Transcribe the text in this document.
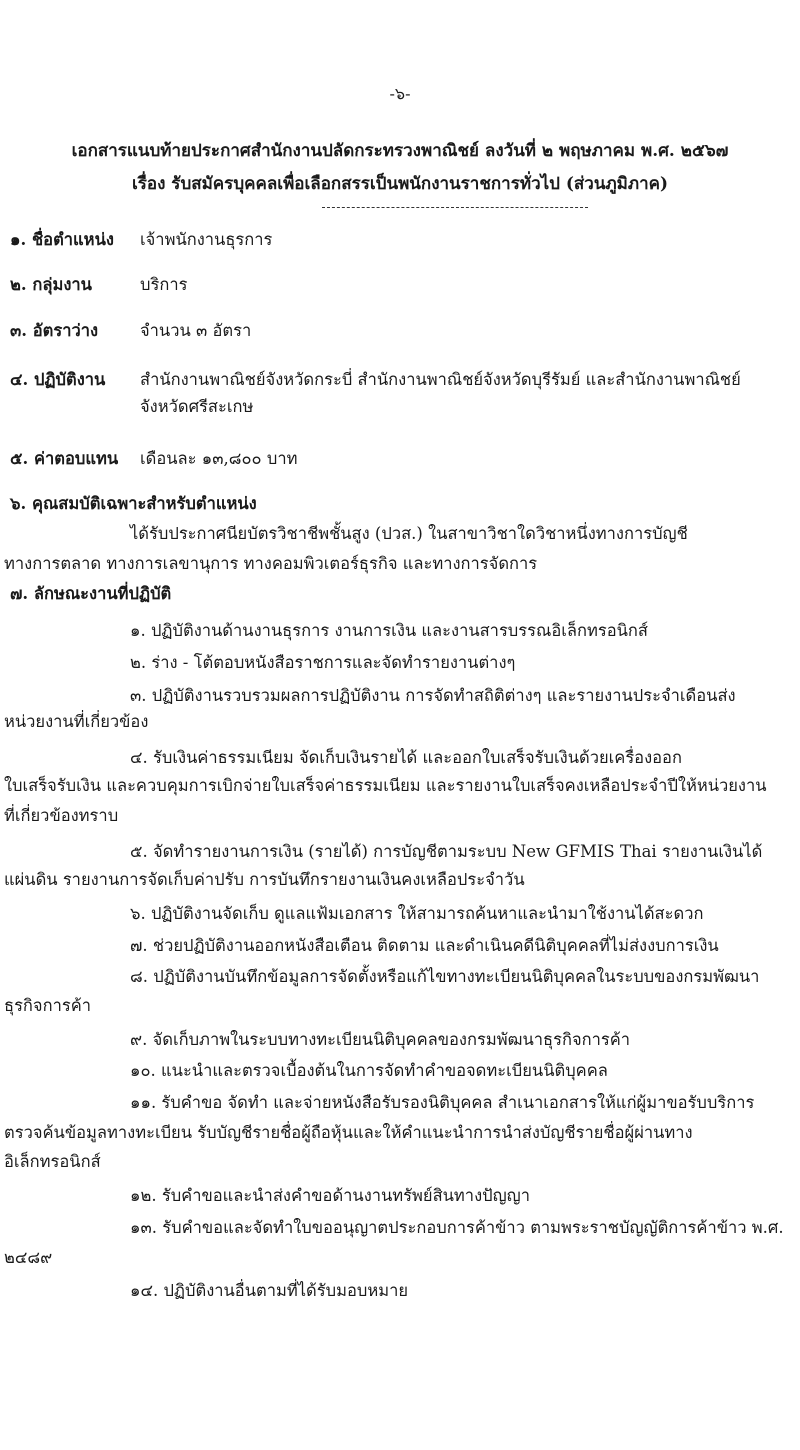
-๖-
เอกสารแนบท้ายประกาศสำนักงานปลัดกระทรวงพาณิชย์ ลงวันที่ ๒ พฤษภาคม พ.ศ. ๒๕๖๗
เรื่อง รับสมัครบุคคลเพื่อเลือกสรรเป็นพนักงานราชการทั่วไป (ส่วนภูมิภาค)
๑. ชื่อตำแหน่ง เจ้าพนักงานธุรการ
๒. กลุ่มงาน	บริการ
๓. อัตราว่าง	จำนวน ๓ อัตรา
๔. ปฏิบัติงาน สำนักงานพาณิชย์จังหวัดกระบี่ สำนักงานพาณิชย์จังหวัดบุรีรัมย์ และสำนักงานพาณิชย์
จังหวัดศรีสะเกษ
๕. ค่าตอบแทน เดือนละ ๑๓,๘๐๐ บาท
๖. คุณสมบัติเฉพาะสำหรับตำแหน่ง
ได้รับประกาศนียบัตรวิชาชีพชั้นสูง (ปวส.) ในสาขาวิชาใดวิชาหนึ่งทางการบัญชี
ทางการตลาด ทางการเลขานุการ ทางคอมพิวเตอร์ธุรกิจ และทางการจัดการ
๗. ลักษณะงานที่ปฏิบัติ
๑. ปฏิบัติงานด้านงานธุรการ งานการเงิน และงานสารบรรณอิเล็กทรอนิกส์
๒. ร่าง - โต้ตอบหนังสือราชการและจัดทำรายงานต่างๆ
๓. ปฏิบัติงานรวบรวมผลการปฏิบัติงาน การจัดทำสถิติต่างๆ และรายงานประจำเดือนส่ง
หน่วยงานที่เกี่ยวข้อง
๔. รับเงินค่าธรรมเนียม จัดเก็บเงินรายได้ และออกใบเสร็จรับเงินด้วยเครื่องออก
ใบเสร็จรับเงิน และควบคุมการเบิกจ่ายใบเสร็จค่าธรรมเนียม และรายงานใบเสร็จคงเหลือประจำปีให้หน่วยงาน
ที่เกี่ยวข้องทราบ
๕. จัดทำรายงานการเงิน (รายได้) การบัญชีตามระบบ New GFMIS Thai รายงานเงินได้
แผ่นดิน รายงานการจัดเก็บค่าปรับ การบันทึกรายงานเงินคงเหลือประจำวัน
๖. ปฏิบัติงานจัดเก็บ ดูแลแฟ้มเอกสาร ให้สามารถค้นหาและนำมาใช้งานได้สะดวก
๗. ช่วยปฏิบัติงานออกหนังสือเตือน ติดตาม และดำเนินคดีนิติบุคคลที่ไม่ส่งงบการเงิน
๘. ปฏิบัติงานบันทึกข้อมูลการจัดตั้งหรือแก้ไขทางทะเบียนนิติบุคคลในระบบของกรมพัฒนา
ธุรกิจการค้า
๙. จัดเก็บภาพในระบบทางทะเบียนนิติบุคคลของกรมพัฒนาธุรกิจการค้า
๑๐. แนะนำและตรวจเบื้องต้นในการจัดทำคำขอจดทะเบียนนิติบุคคล
๑๑. รับคำขอ จัดทำ และจ่ายหนังสือรับรองนิติบุคคล สำเนาเอกสารให้แก่ผู้มาขอรับบริการ
ตรวจค้นข้อมูลทางทะเบียน รับบัญชีรายชื่อผู้ถือหุ้นและให้คำแนะนำการนำส่งบัญชีรายชื่อผู้ผ่านทาง
อิเล็กทรอนิกส์
๑๒. รับคำขอและนำส่งคำขอด้านงานทรัพย์สินทางปัญญา
๑๓. รับคำขอและจัดทำใบขออนุญาตประกอบการค้าข้าว ตามพระราชบัญญัติการค้าข้าว พ.ศ.
๒๔๘๙
๑๔. ปฏิบัติงานอื่นตามที่ได้รับมอบหมาย
